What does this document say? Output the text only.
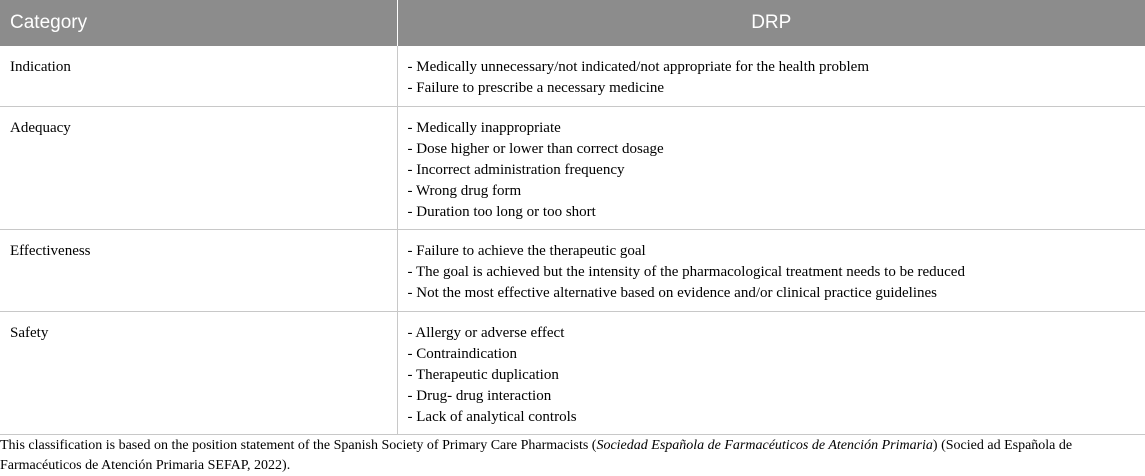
Category	DRP
Indication	- Medically unnecessary/not indicated/not appropriate for the health problem
- Failure to prescribe a necessary medicine

Adequacy	- Medically inappropriate
- Dose higher or lower than correct dosage
- Incorrect administration frequency
- Wrong drug form
- Duration too long or too short

Effectiveness	- Failure to achieve the therapeutic goal
- The goal is achieved but the intensity of the pharmacological treatment needs to be reduced
- Not the most effective alternative based on evidence and/or clinical practice guidelines

Safety	- Allergy or adverse effect
- Contraindication
- Therapeutic duplication
- Drug- drug interaction
- Lack of analytical controls
This classification is based on the position statement of the Spanish Society of Primary Care Pharmacists (Sociedad Española de Farmacéuticos de Atención Primaria) (Socied ad Española de Farmacéuticos de Atención Primaria SEFAP, 2022).
